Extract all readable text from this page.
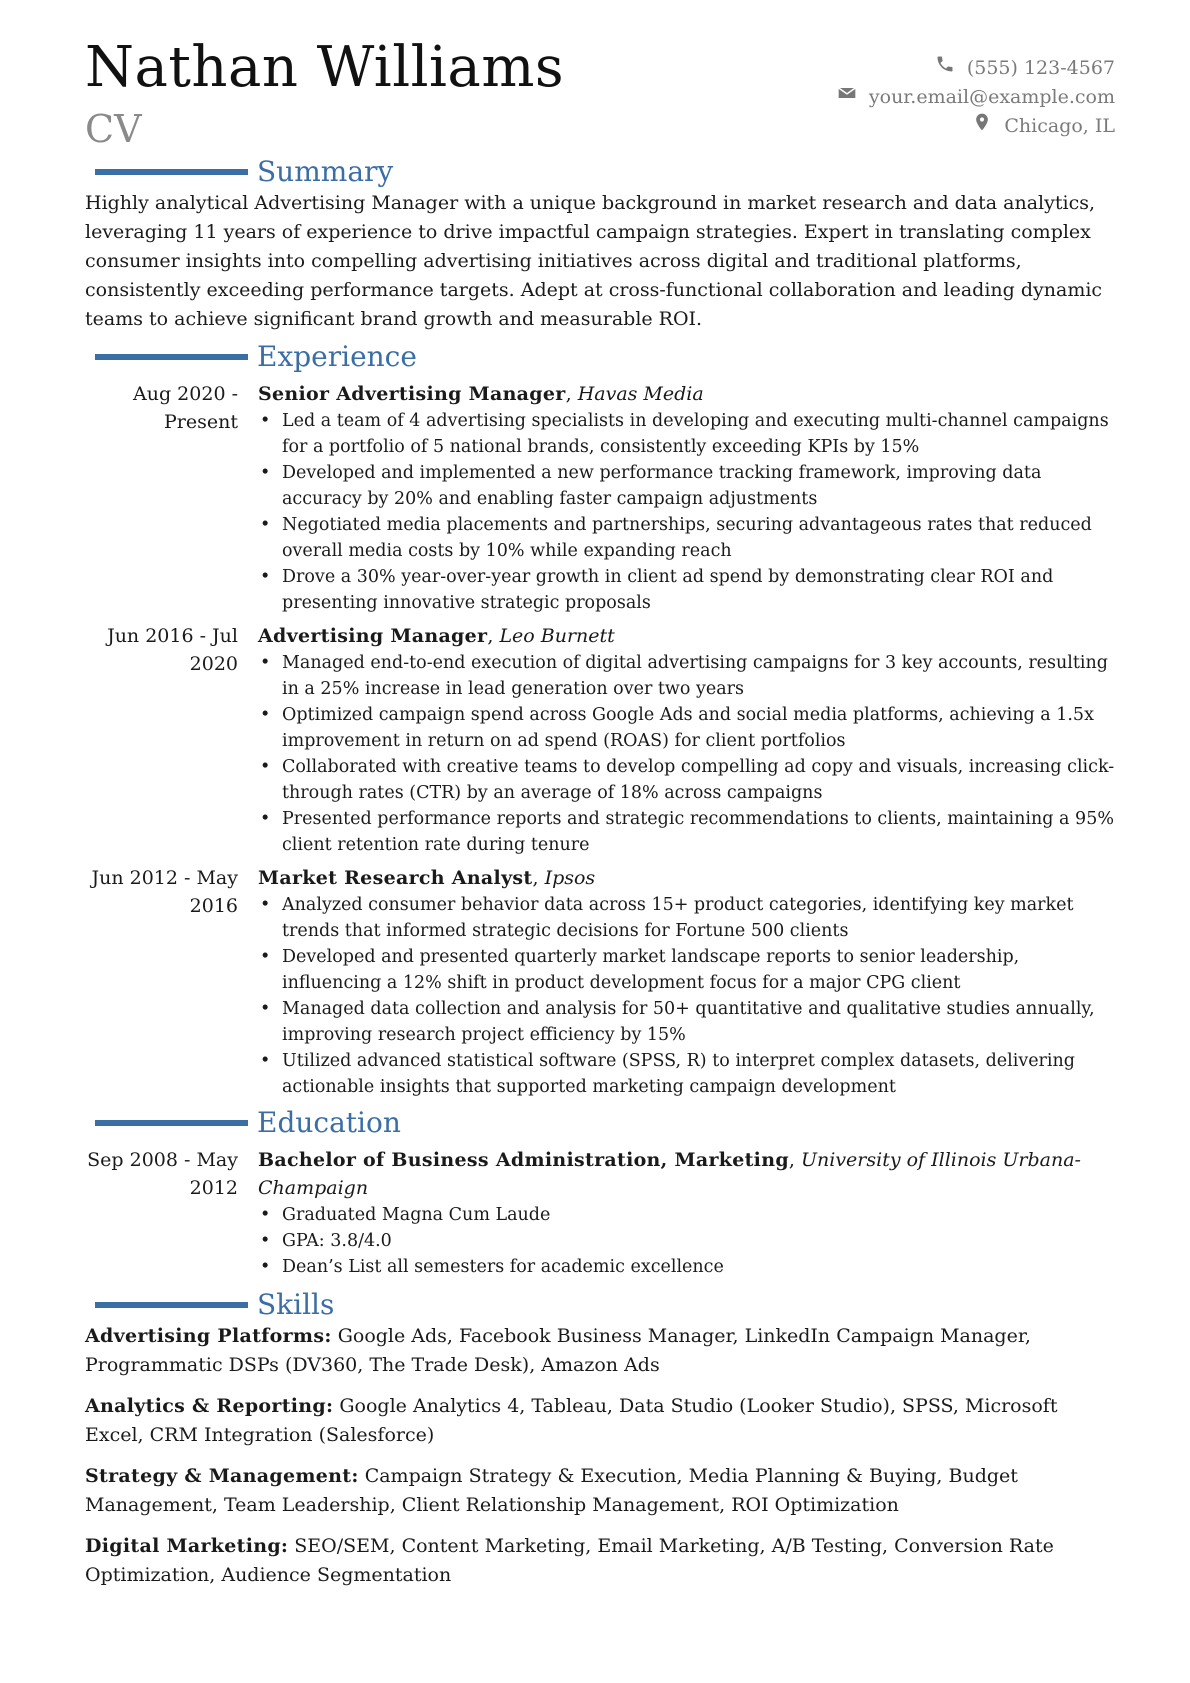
Nathan Williams
CV
(555) 123-4567
your.email@example.com
Chicago, IL
Summary

Highly analytical Advertising Manager with a unique background in market research and data analytics, leveraging 11 years of experience to drive impactful campaign strategies. Expert in translating complex consumer insights into compelling advertising initiatives across digital and traditional platforms, consistently exceeding performance targets. Adept at cross-functional collaboration and leading dynamic teams to achieve significant brand growth and measurable ROI.

Experience
Aug 2020 - Present
Senior Advertising Manager, Havas Media
• Led a team of 4 advertising specialists in developing and executing multi-channel campaigns for a portfolio of 5 national brands, consistently exceeding KPIs by 15%
• Developed and implemented a new performance tracking framework, improving data accuracy by 20% and enabling faster campaign adjustments
• Negotiated media placements and partnerships, securing advantageous rates that reduced overall media costs by 10% while expanding reach
• Drove a 30% year-over-year growth in client ad spend by demonstrating clear ROI and presenting innovative strategic proposals
Jun 2016 - Jul 2020
Advertising Manager, Leo Burnett
• Managed end-to-end execution of digital advertising campaigns for 3 key accounts, resulting in a 25% increase in lead generation over two years
• Optimized campaign spend across Google Ads and social media platforms, achieving a 1.5x improvement in return on ad spend (ROAS) for client portfolios
• Collaborated with creative teams to develop compelling ad copy and visuals, increasing click-through rates (CTR) by an average of 18% across campaigns
• Presented performance reports and strategic recommendations to clients, maintaining a 95% client retention rate during tenure
Jun 2012 - May 2016
Market Research Analyst, Ipsos
• Analyzed consumer behavior data across 15+ product categories, identifying key market trends that informed strategic decisions for Fortune 500 clients
• Developed and presented quarterly market landscape reports to senior leadership, influencing a 12% shift in product development focus for a major CPG client
• Managed data collection and analysis for 50+ quantitative and qualitative studies annually, improving research project efficiency by 15%
• Utilized advanced statistical software (SPSS, R) to interpret complex datasets, delivering actionable insights that supported marketing campaign development
Education
Sep 2008 - May 2012
Bachelor of Business Administration, Marketing, University of Illinois Urbana-Champaign
• Graduated Magna Cum Laude
• GPA: 3.8/4.0
• Dean’s List all semesters for academic excellence
Skills
Advertising Platforms: Google Ads, Facebook Business Manager, LinkedIn Campaign Manager, Programmatic DSPs (DV360, The Trade Desk), Amazon Ads
Analytics & Reporting: Google Analytics 4, Tableau, Data Studio (Looker Studio), SPSS, Microsoft Excel, CRM Integration (Salesforce)
Strategy & Management: Campaign Strategy & Execution, Media Planning & Buying, Budget Management, Team Leadership, Client Relationship Management, ROI Optimization
Digital Marketing: SEO/SEM, Content Marketing, Email Marketing, A/B Testing, Conversion Rate Optimization, Audience Segmentation
